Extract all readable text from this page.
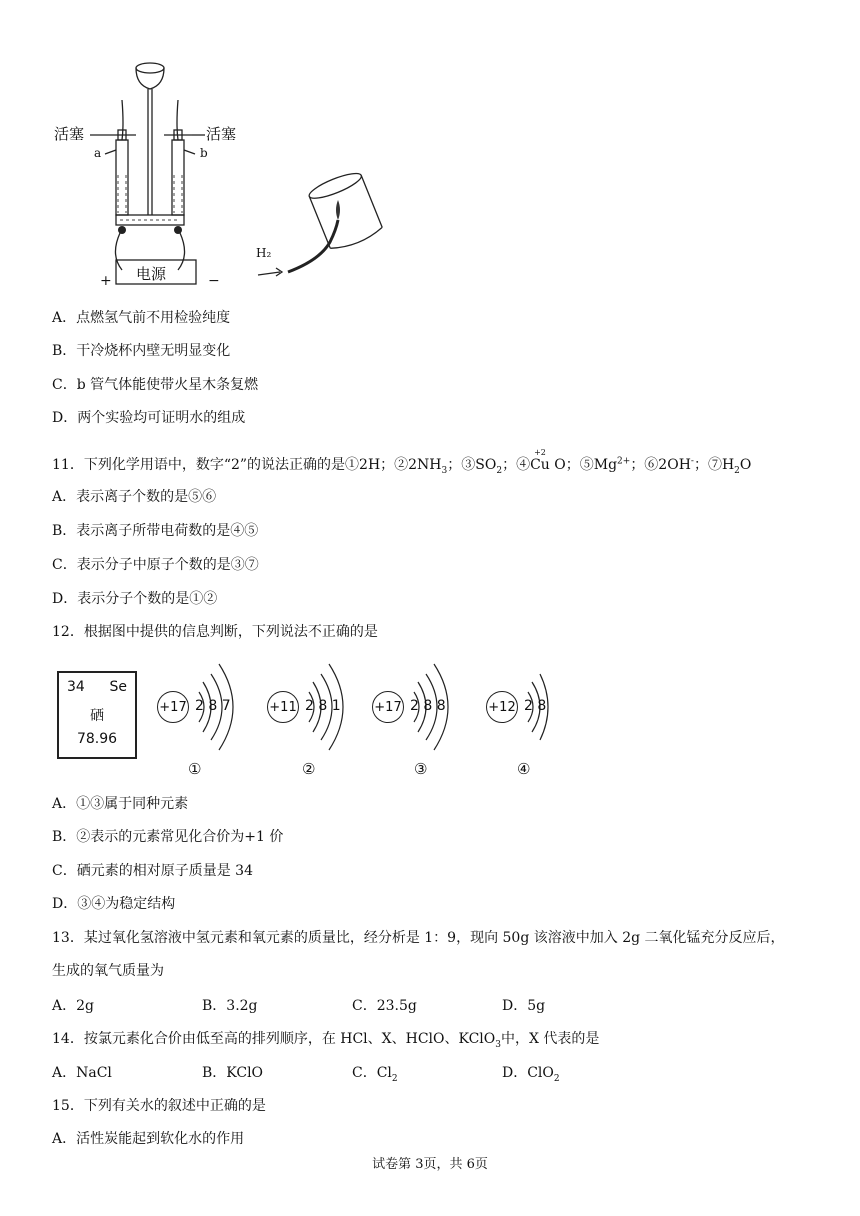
活塞	活塞
a	b
电源
+	−
H₂
A．点燃氢气前不用检验纯度
B．干冷烧杯内壁无明显变化
C．b 管气体能使带火星木条复燃
D．两个实验均可证明水的组成
11．下列化学用语中，数字“2”的说法正确的是①2H；$②2NH_3$；$③SO_2$；④
+2
Cu O；$⑤Mg^{2+}$；⑥2OH-；$⑦H_2O$
A．表示离子个数的是⑤⑥
B．表示离子所带电荷数的是④⑤
C．表示分子中原子个数的是③⑦
D．表示分子个数的是①②
12．根据图中提供的信息判断，下列说法不正确的是
34 Se
硒
78.96
+17 2 8 7	+11 2 8 1	+17 2 8 8	+12 2 8
①	②	③	④
A．①③属于同种元素
B．②表示的元素常见化合价为+1 价
C．硒元素的相对原子质量是 34
D．③④为稳定结构
13．某过氧化氢溶液中氢元素和氧元素的质量比，经分析是 1：9，现向 50g 该溶液中加入 2g 二氧化锰充分反应后，
生成的氧气质量为
A．2g	B．3.2g	C．23.5g	D．5g
14．按氯元素化合价由低至高的排列顺序，在 HCl、X、HClO、KClO$_3$中，X 代表的是
A．NaCl	B．KClO	C．$Cl_2$	D．ClO$_2$
15．下列有关水的叙述中正确的是
A．活性炭能起到软化水的作用
试卷第 3页，共 6页
